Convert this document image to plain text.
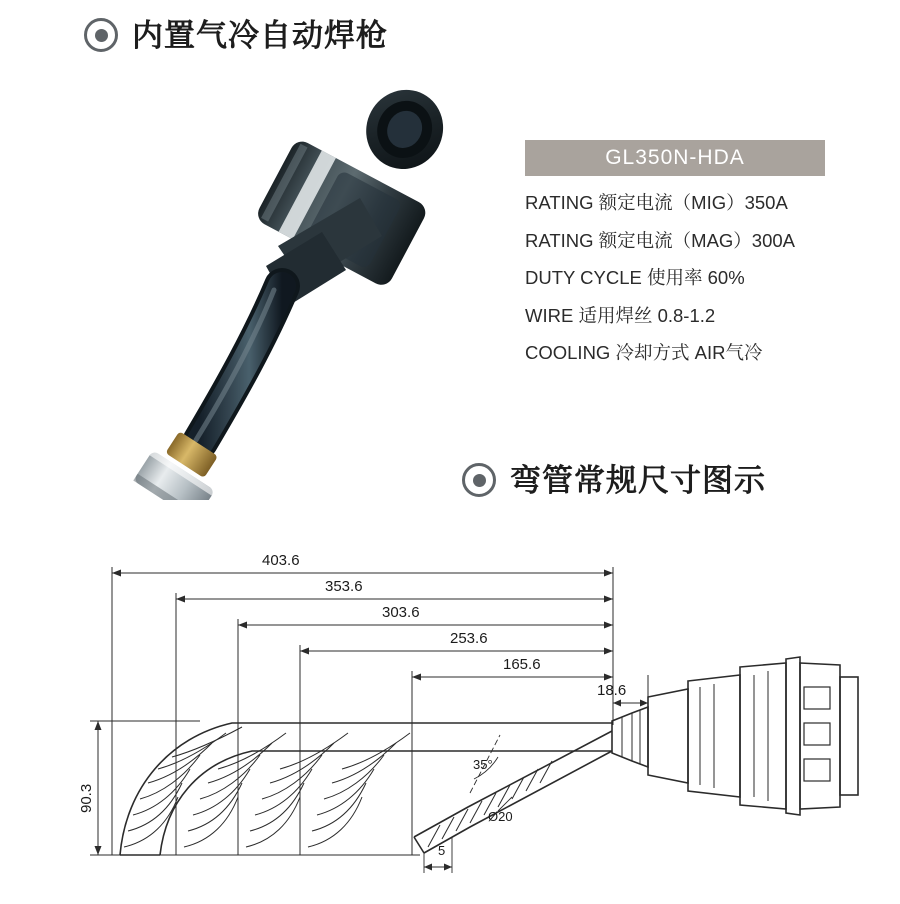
内置气冷自动焊枪
GL350N-HDA
RATING 额定电流（MIG）350A
RATING 额定电流（MAG）300A
DUTY CYCLE 使用率 60%
WIRE 适用焊丝 0.8-1.2
COOLING 冷却方式 AIR气冷
弯管常规尺寸图示
403.6
353.6
303.6
253.6
165.6
18.6
90.3
35°
Ø20
5
